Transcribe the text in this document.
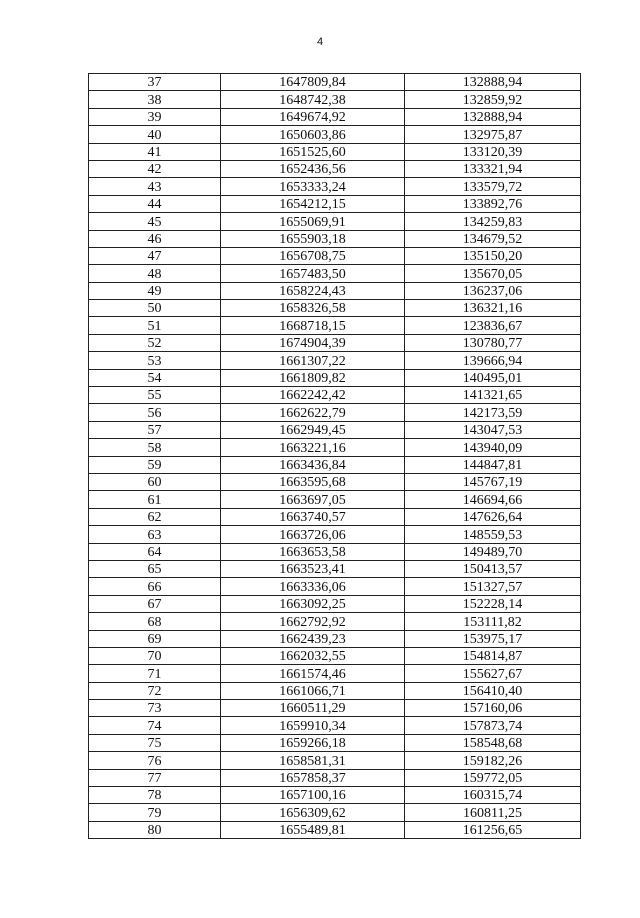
4
37	1647809,84	132888,94
38	1648742,38	132859,92
39	1649674,92	132888,94
40	1650603,86	132975,87
41	1651525,60	133120,39
42	1652436,56	133321,94
43	1653333,24	133579,72
44	1654212,15	133892,76
45	1655069,91	134259,83
46	1655903,18	134679,52
47	1656708,75	135150,20
48	1657483,50	135670,05
49	1658224,43	136237,06
50	1658326,58	136321,16
51	1668718,15	123836,67
52	1674904,39	130780,77
53	1661307,22	139666,94
54	1661809,82	140495,01
55	1662242,42	141321,65
56	1662622,79	142173,59
57	1662949,45	143047,53
58	1663221,16	143940,09
59	1663436,84	144847,81
60	1663595,68	145767,19
61	1663697,05	146694,66
62	1663740,57	147626,64
63	1663726,06	148559,53
64	1663653,58	149489,70
65	1663523,41	150413,57
66	1663336,06	151327,57
67	1663092,25	152228,14
68	1662792,92	153111,82
69	1662439,23	153975,17
70	1662032,55	154814,87
71	1661574,46	155627,67
72	1661066,71	156410,40
73	1660511,29	157160,06
74	1659910,34	157873,74
75	1659266,18	158548,68
76	1658581,31	159182,26
77	1657858,37	159772,05
78	1657100,16	160315,74
79	1656309,62	160811,25
80	1655489,81	161256,65
